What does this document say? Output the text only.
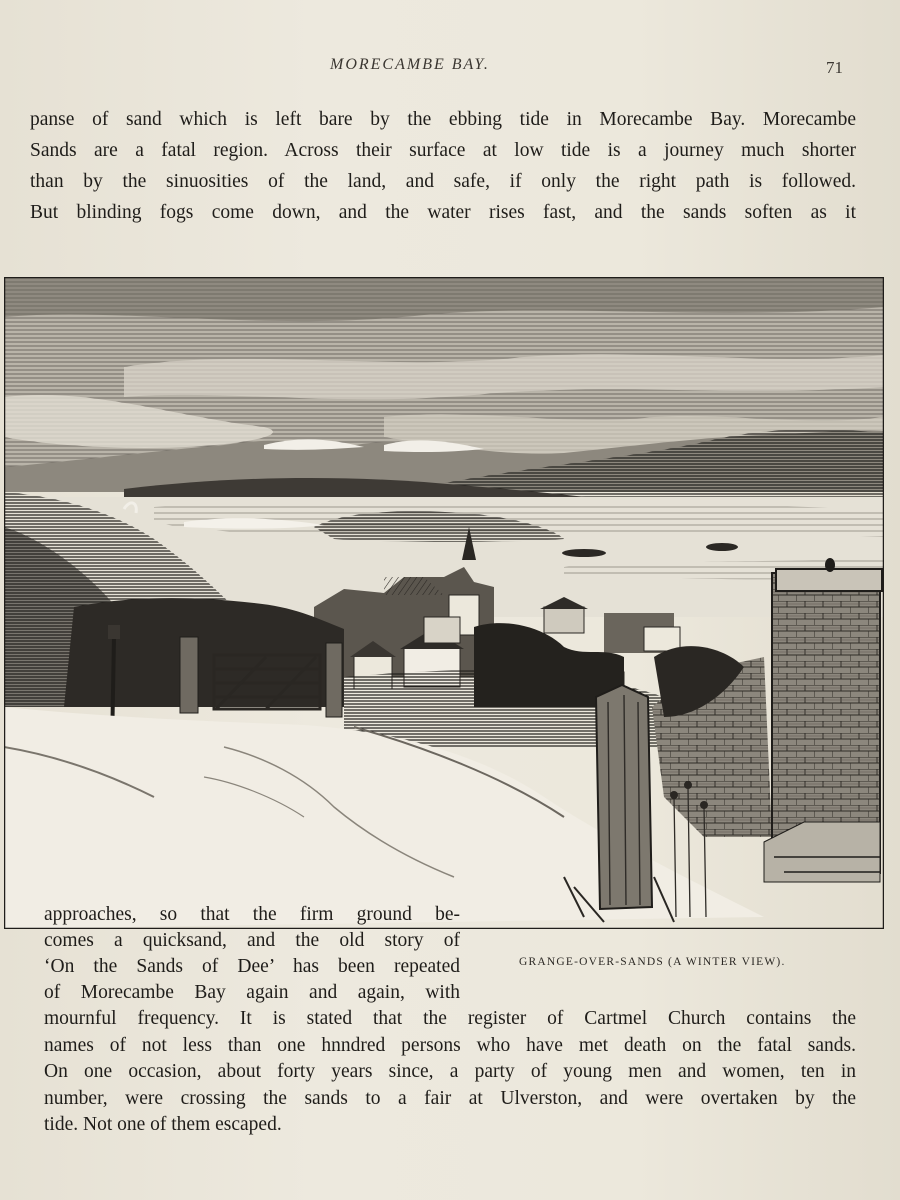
MORECAMBE BAY.	71
panse of sand which is left bare by the ebbing tide in Morecambe Bay. Morecambe
Sands are a fatal region. Across their surface at low tide is a journey much shorter
than by the sinuosities of the land, and safe, if only the right path is followed.
But blinding fogs come down, and the water rises fast, and the sands soften as it
approaches, so that the firm ground be-
comes a quicksand, and the old story of
‘On the Sands of Dee’ has been repeated
of Morecambe Bay again and again, with
GRANGE-OVER-SANDS (A WINTER VIEW).
mournful frequency. It is stated that the register of Cartmel Church contains the
names of not less than one hnndred persons who have met death on the fatal sands.
On one occasion, about forty years since, a party of young men and women, ten in
number, were crossing the sands to a fair at Ulverston, and were overtaken by the
tide. Not one of them escaped.
